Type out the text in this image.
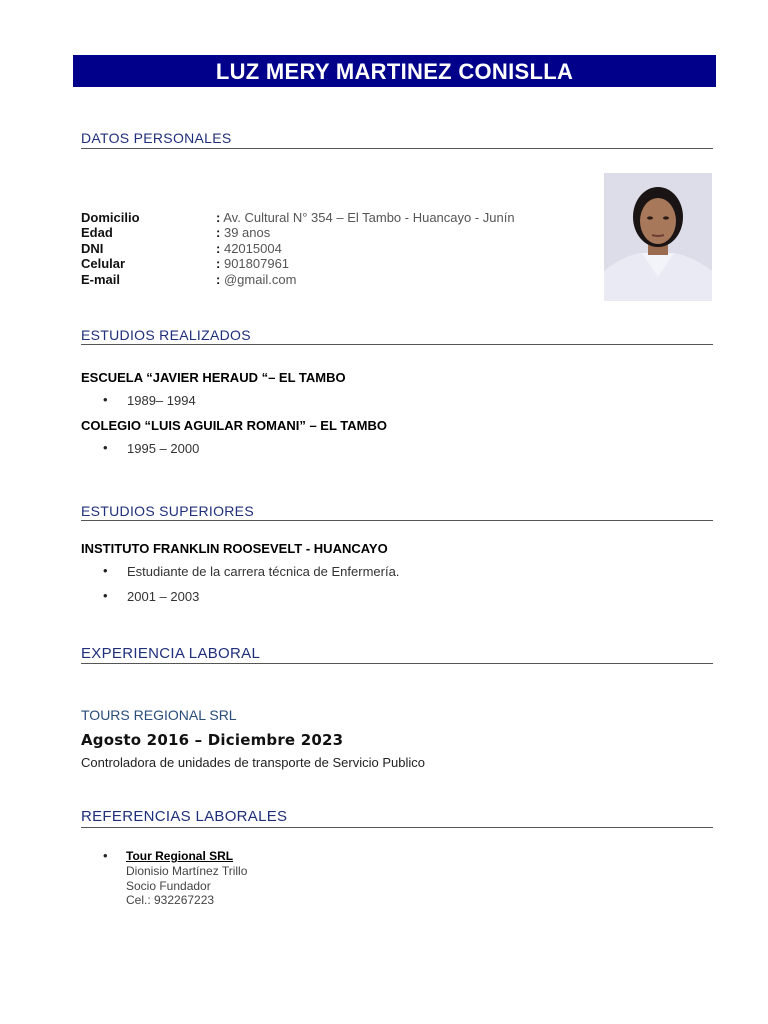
LUZ MERY MARTINEZ CONISLLA
DATOS PERSONALES
Domicilio	: Av. Cultural N° 354 – El Tambo - Huancayo - Junín
Edad	: 39 anos
DNI	: 42015004
Celular	: 901807961
E-mail	: @gmail.com
ESTUDIOS REALIZADOS
ESCUELA “JAVIER HERAUD “– EL TAMBO
• 1989– 1994
COLEGIO “LUIS AGUILAR ROMANI” – EL TAMBO
• 1995 – 2000
ESTUDIOS SUPERIORES
INSTITUTO FRANKLIN ROOSEVELT - HUANCAYO
• Estudiante de la carrera técnica de Enfermería.
• 2001 – 2003
EXPERIENCIA LABORAL
TOURS REGIONAL SRL
Agosto 2016 – Diciembre 2023
Controladora de unidades de transporte de Servicio Publico
REFERENCIAS LABORALES
• Tour Regional SRL
Dionisio Martínez Trillo
Socio Fundador
Cel.: 932267223
